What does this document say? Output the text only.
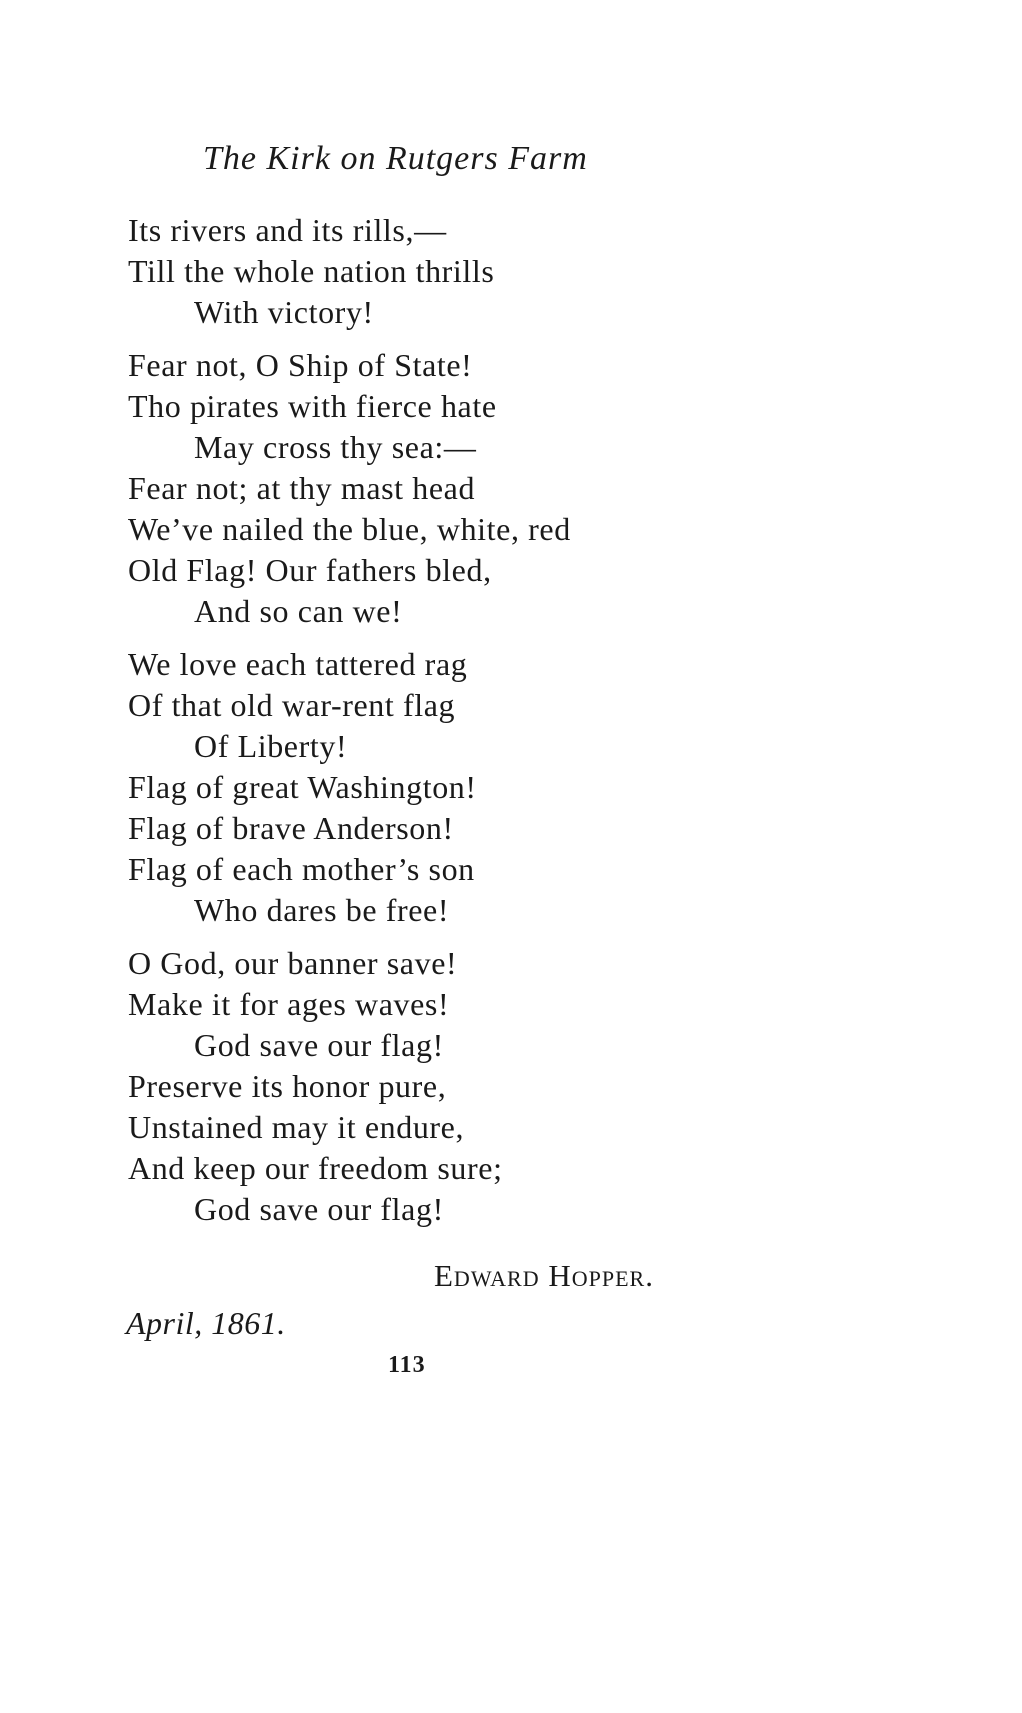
The Kirk on Rutgers Farm
Its rivers and its rills,—
Till the whole nation thrills
With victory!
Fear not, O Ship of State!
Tho pirates with fierce hate
May cross thy sea:—
Fear not; at thy mast head
We’ve nailed the blue, white, red
Old Flag! Our fathers bled,
And so can we!
We love each tattered rag
Of that old war-rent flag
Of Liberty!
Flag of great Washington!
Flag of brave Anderson!
Flag of each mother’s son
Who dares be free!
O God, our banner save!
Make it for ages waves!
God save our flag!
Preserve its honor pure,
Unstained may it endure,
And keep our freedom sure;
God save our flag!
Edward Hopper.
April, 1861.
113
